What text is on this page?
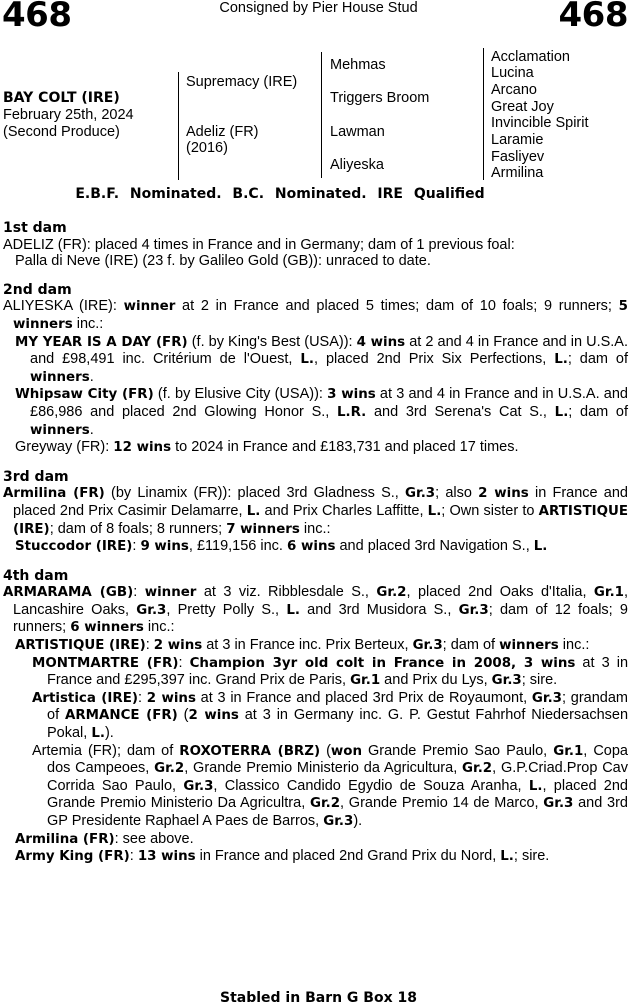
468	Consigned by Pier House Stud	468
BAY COLT (IRE)
February 25th, 2024
(Second Produce)
Supremacy (IRE)
Adeliz (FR)
(2016)
Mehmas
Triggers Broom
Lawman
Aliyeska
Acclamation
Lucina
Arcano
Great Joy
Invincible Spirit
Laramie
Fasliyev
Armilina
E.B.F. Nominated. B.C. Nominated. IRE Qualified
1st dam
ADELIZ (FR): placed 4 times in France and in Germany; dam of 1 previous foal:
Palla di Neve (IRE) (23 f. by Galileo Gold (GB)): unraced to date.
2nd dam
ALIYESKA (IRE): winner at 2 in France and placed 5 times; dam of 10 foals; 9 runners; 5 winners inc.:
MY YEAR IS A DAY (FR) (f. by King's Best (USA)): 4 wins at 2 and 4 in France and in U.S.A. and £98,491 inc. Critérium de l'Ouest, L., placed 2nd Prix Six Perfections, L.; dam of winners.
Whipsaw City (FR) (f. by Elusive City (USA)): 3 wins at 3 and 4 in France and in U.S.A. and £86,986 and placed 2nd Glowing Honor S., L.R. and 3rd Serena's Cat S., L.; dam of winners.
Greyway (FR): 12 wins to 2024 in France and £183,731 and placed 17 times.
3rd dam
Armilina (FR) (by Linamix (FR)): placed 3rd Gladness S., Gr.3; also 2 wins in France and placed 2nd Prix Casimir Delamarre, L. and Prix Charles Laffitte, L.; Own sister to ARTISTIQUE (IRE); dam of 8 foals; 8 runners; 7 winners inc.:
Stuccodor (IRE): 9 wins, £119,156 inc. 6 wins and placed 3rd Navigation S., L.
4th dam
ARMARAMA (GB): winner at 3 viz. Ribblesdale S., Gr.2, placed 2nd Oaks d'Italia, Gr.1, Lancashire Oaks, Gr.3, Pretty Polly S., L. and 3rd Musidora S., Gr.3; dam of 12 foals; 9 runners; 6 winners inc.:
ARTISTIQUE (IRE): 2 wins at 3 in France inc. Prix Berteux, Gr.3; dam of winners inc.:
MONTMARTRE (FR): Champion 3yr old colt in France in 2008, 3 wins at 3 in France and £295,397 inc. Grand Prix de Paris, Gr.1 and Prix du Lys, Gr.3; sire.
Artistica (IRE): 2 wins at 3 in France and placed 3rd Prix de Royaumont, Gr.3; grandam of ARMANCE (FR) (2 wins at 3 in Germany inc. G. P. Gestut Fahrhof Niedersachsen Pokal, L.).
Artemia (FR); dam of ROXOTERRA (BRZ) (won Grande Premio Sao Paulo, Gr.1, Copa dos Campeoes, Gr.2, Grande Premio Ministerio da Agricultura, Gr.2, G.P.Criad.Prop Cav Corrida Sao Paulo, Gr.3, Classico Candido Egydio de Souza Aranha, L., placed 2nd Grande Premio Ministerio Da Agricultra, Gr.2, Grande Premio 14 de Marco, Gr.3 and 3rd GP Presidente Raphael A Paes de Barros, Gr.3).
Armilina (FR): see above.
Army King (FR): 13 wins in France and placed 2nd Grand Prix du Nord, L.; sire.
Stabled in Barn G Box 18
